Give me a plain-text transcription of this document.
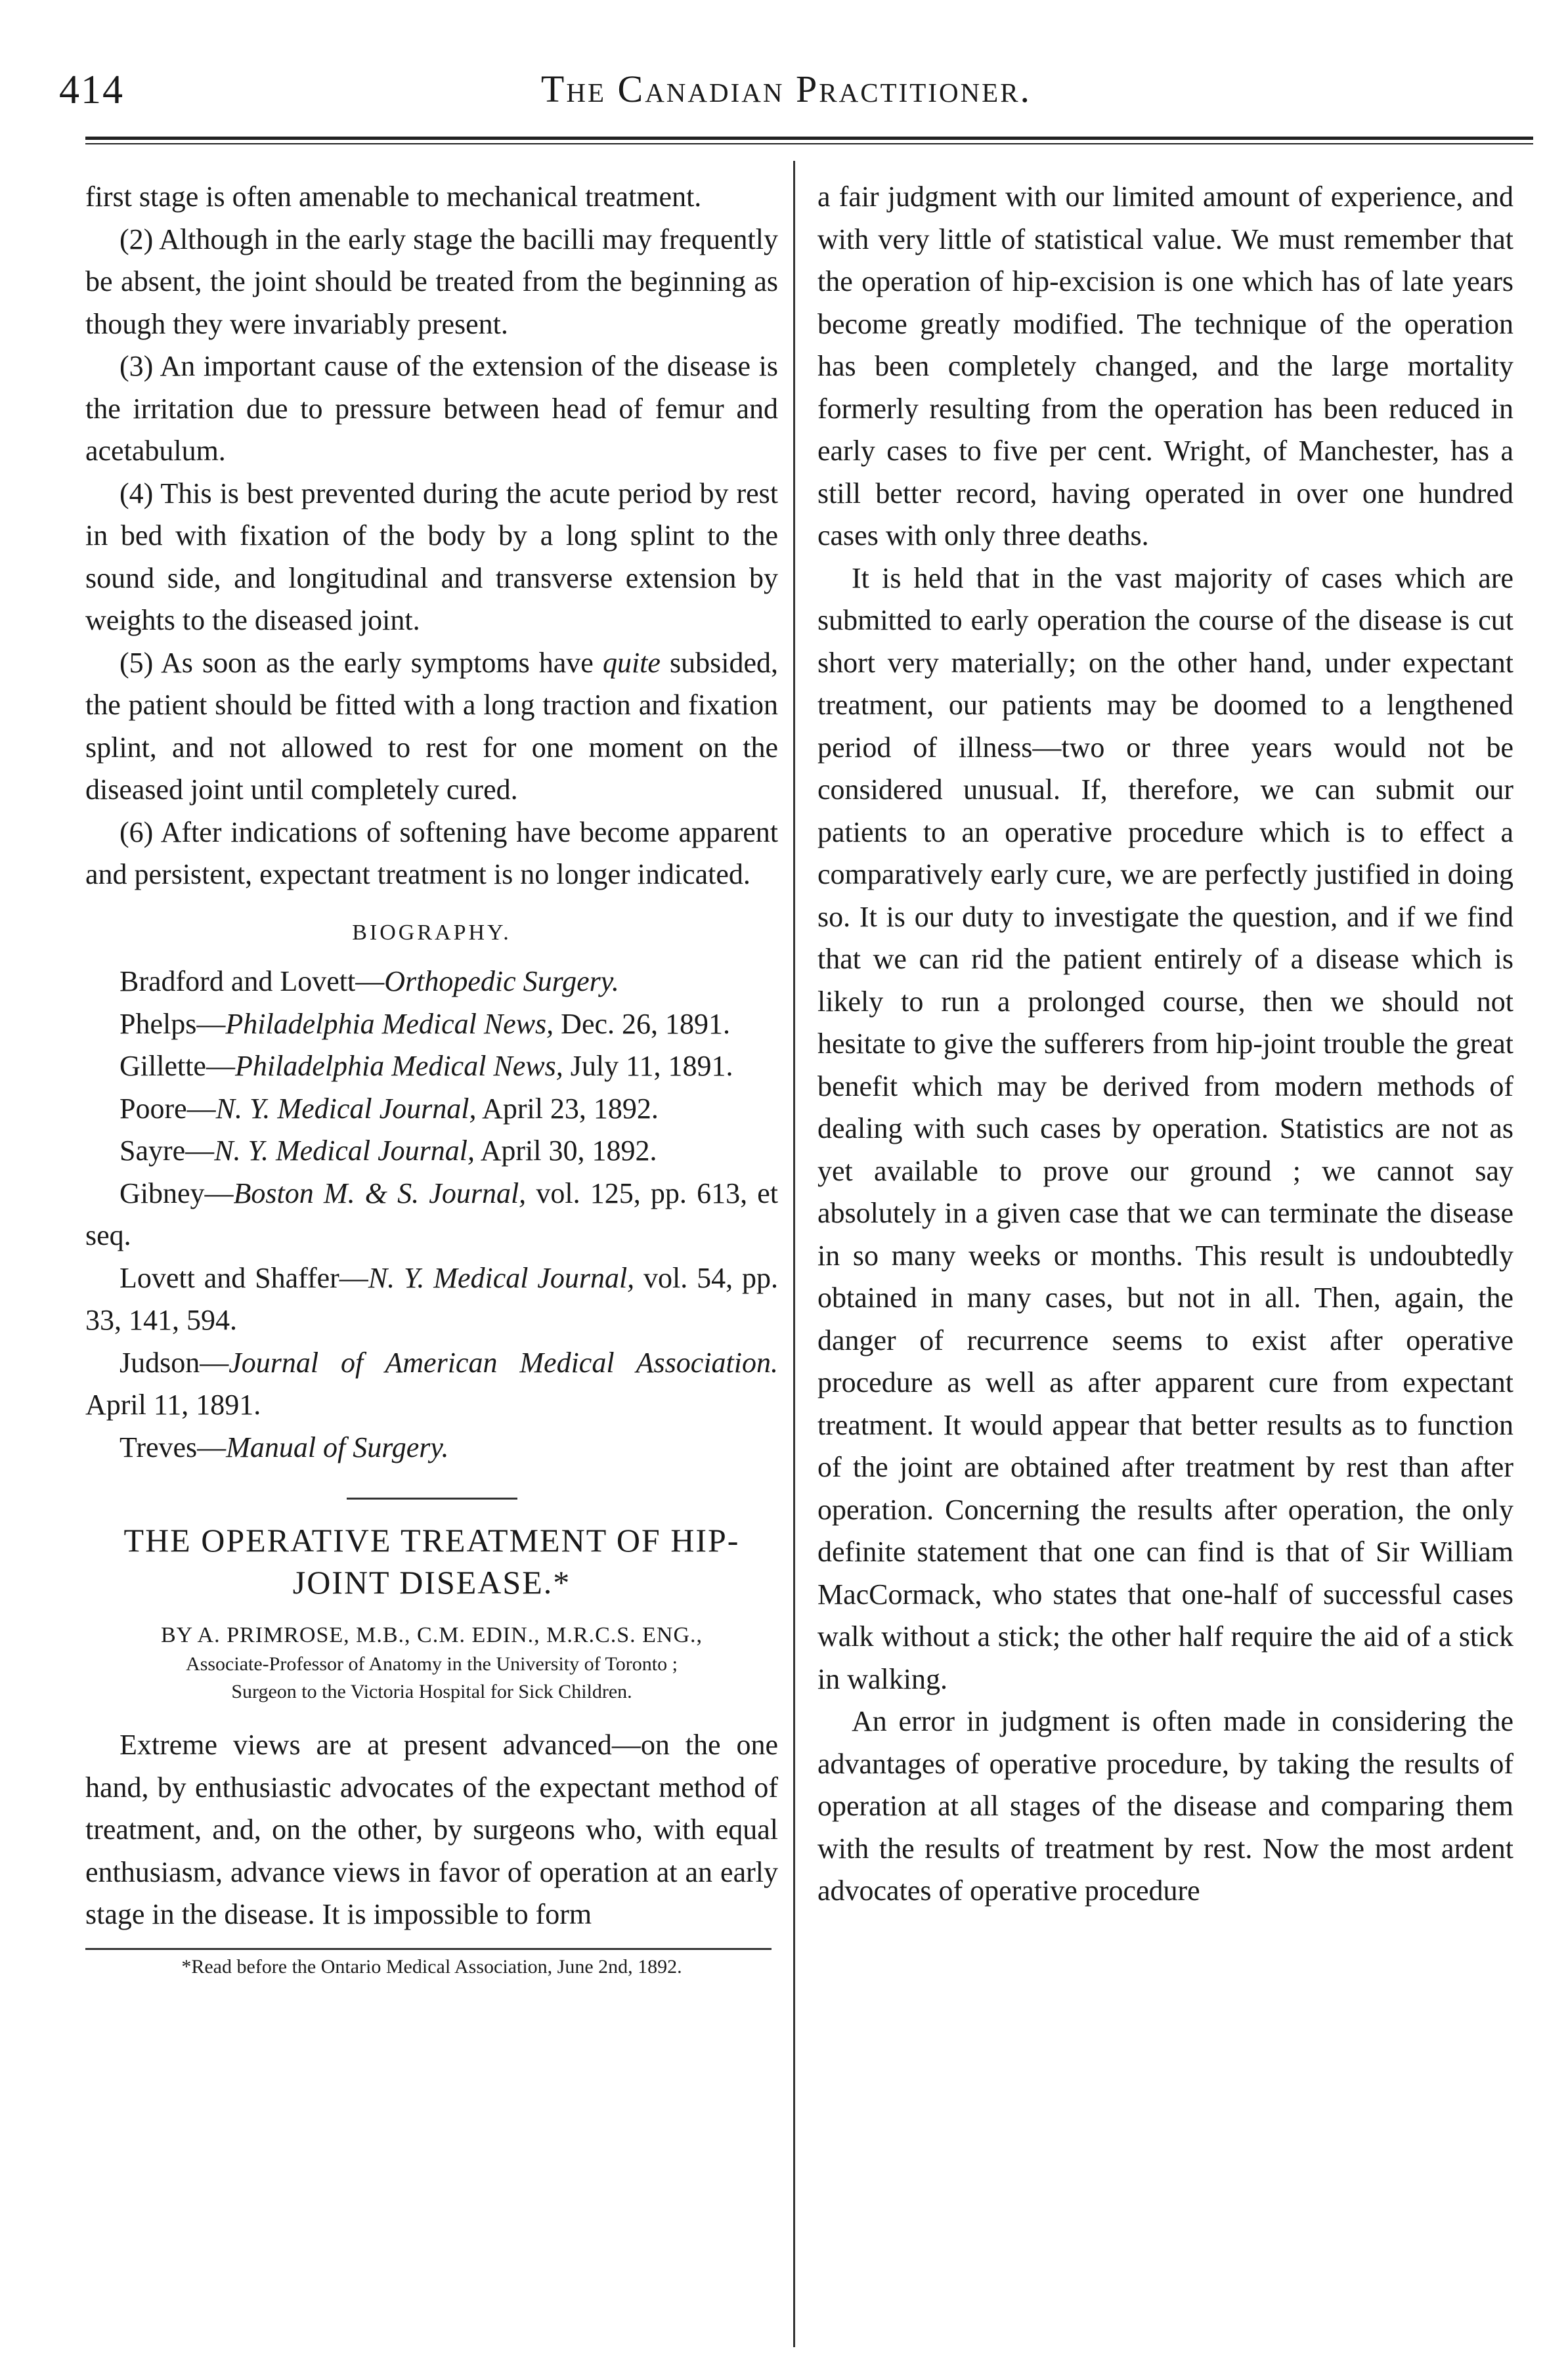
414	The Canadian Practitioner.

first stage is often amenable to mechanical treatment.

(2) Although in the early stage the bacilli may frequently be absent, the joint should be treated from the beginning as though they were invariably present.

(3) An important cause of the extension of the disease is the irritation due to pressure between head of femur and acetabulum.

(4) This is best prevented during the acute period by rest in bed with fixation of the body by a long splint to the sound side, and longitudinal and transverse extension by weights to the diseased joint.

(5) As soon as the early symptoms have quite subsided, the patient should be fitted with a long traction and fixation splint, and not allowed to rest for one moment on the diseased joint until completely cured.

(6) After indications of softening have become apparent and persistent, expectant treatment is no longer indicated.

BIOGRAPHY.

Bradford and Lovett—Orthopedic Surgery.

Phelps—Philadelphia Medical News, Dec. 26, 1891.

Gillette—Philadelphia Medical News, July 11, 1891.

Poore—N. Y. Medical Journal, April 23, 1892.

Sayre—N. Y. Medical Journal, April 30, 1892.

Gibney—Boston M. & S. Journal, vol. 125, pp. 613, et seq.

Lovett and Shaffer—N. Y. Medical Journal, vol. 54, pp. 33, 141, 594.

Judson—Journal of American Medical Association. April 11, 1891.

Treves—Manual of Surgery.

THE OPERATIVE TREATMENT OF HIP-JOINT DISEASE.*
BY A. PRIMROSE, M.B., C.M. EDIN., M.R.C.S. ENG.,
Associate-Professor of Anatomy in the University of Toronto ;
Surgeon to the Victoria Hospital for Sick Children.

Extreme views are at present advanced—on the one hand, by enthusiastic advocates of the expectant method of treatment, and, on the other, by surgeons who, with equal enthusiasm, advance views in favor of operation at an early stage in the disease. It is impossible to form

*Read before the Ontario Medical Association, June 2nd, 1892.

a fair judgment with our limited amount of experience, and with very little of statistical value. We must remember that the operation of hip-excision is one which has of late years become greatly modified. The technique of the operation has been completely changed, and the large mortality formerly resulting from the operation has been reduced in early cases to five per cent. Wright, of Manchester, has a still better record, having operated in over one hundred cases with only three deaths.

It is held that in the vast majority of cases which are submitted to early operation the course of the disease is cut short very materially; on the other hand, under expectant treatment, our patients may be doomed to a lengthened period of illness—two or three years would not be considered unusual. If, therefore, we can submit our patients to an operative procedure which is to effect a comparatively early cure, we are perfectly justified in doing so. It is our duty to investigate the question, and if we find that we can rid the patient entirely of a disease which is likely to run a prolonged course, then we should not hesitate to give the sufferers from hip-joint trouble the great benefit which may be derived from modern methods of dealing with such cases by operation. Statistics are not as yet available to prove our ground ; we cannot say absolutely in a given case that we can terminate the disease in so many weeks or months. This result is undoubtedly obtained in many cases, but not in all. Then, again, the danger of recurrence seems to exist after operative procedure as well as after apparent cure from expectant treatment. It would appear that better results as to function of the joint are obtained after treatment by rest than after operation. Concerning the results after operation, the only definite statement that one can find is that of Sir William MacCormack, who states that one-half of successful cases walk without a stick; the other half require the aid of a stick in walking.

An error in judgment is often made in considering the advantages of operative procedure, by taking the results of operation at all stages of the disease and comparing them with the results of treatment by rest. Now the most ardent advocates of operative procedure
